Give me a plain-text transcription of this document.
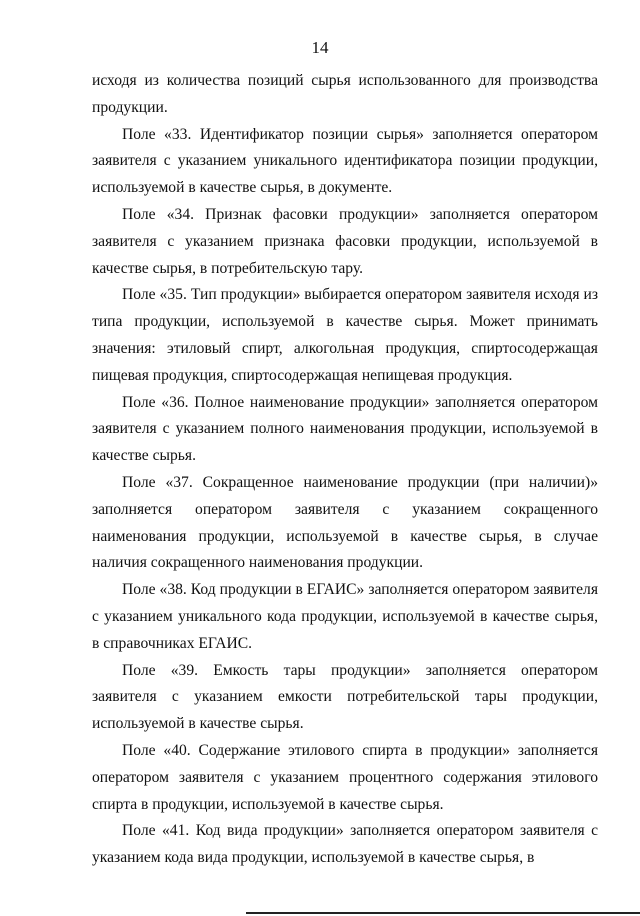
14

исходя из количества позиций сырья использованного для производства продукции.

Поле «33. Идентификатор позиции сырья» заполняется оператором заявителя с указанием уникального идентификатора позиции продукции, используемой в качестве сырья, в документе.

Поле «34. Признак фасовки продукции» заполняется оператором заявителя с указанием признака фасовки продукции, используемой в качестве сырья, в потребительскую тару.

Поле «35. Тип продукции» выбирается оператором заявителя исходя из типа продукции, используемой в качестве сырья. Может принимать значения: этиловый спирт, алкогольная продукция, спиртосодержащая пищевая продукция, спиртосодержащая непищевая продукция.

Поле «36. Полное наименование продукции» заполняется оператором заявителя с указанием полного наименования продукции, используемой в качестве сырья.

Поле «37. Сокращенное наименование продукции (при наличии)» заполняется оператором заявителя с указанием сокращенного наименования продукции, используемой в качестве сырья, в случае наличия сокращенного наименования продукции.

Поле «38. Код продукции в ЕГАИС» заполняется оператором заявителя с указанием уникального кода продукции, используемой в качестве сырья, в справочниках ЕГАИС.

Поле «39. Емкость тары продукции» заполняется оператором заявителя с указанием емкости потребительской тары продукции, используемой в качестве сырья.

Поле «40. Содержание этилового спирта в продукции» заполняется оператором заявителя с указанием процентного содержания этилового спирта в продукции, используемой в качестве сырья.

Поле «41. Код вида продукции» заполняется оператором заявителя с указанием кода вида продукции, используемой в качестве сырья, в
